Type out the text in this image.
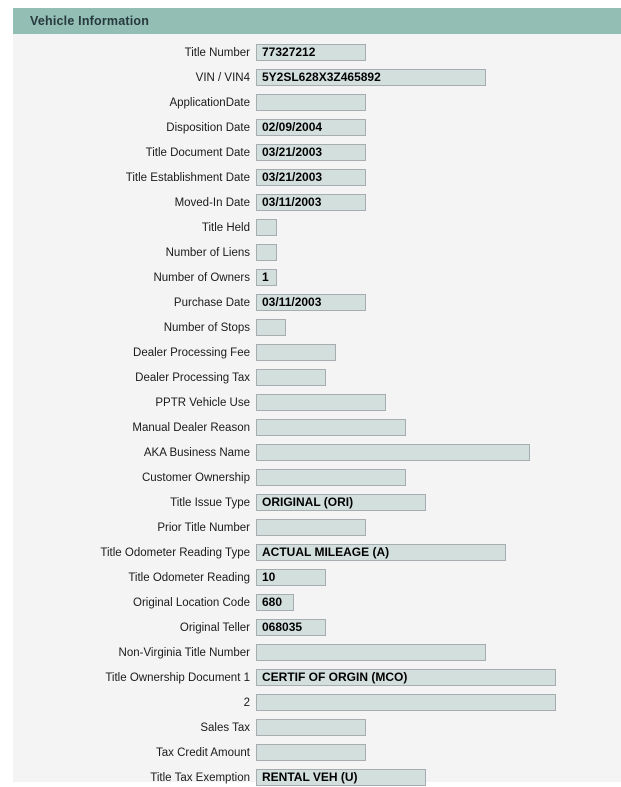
Vehicle Information
Title Number	77327212
VIN / VIN4	5Y2SL628X3Z465892
ApplicationDate
Disposition Date	02/09/2004
Title Document Date	03/21/2003
Title Establishment Date	03/21/2003
Moved-In Date	03/11/2003
Title Held
Number of Liens
Number of Owners	1
Purchase Date	03/11/2003
Number of Stops
Dealer Processing Fee
Dealer Processing Tax
PPTR Vehicle Use
Manual Dealer Reason
AKA Business Name
Customer Ownership
Title Issue Type	ORIGINAL (ORI)
Prior Title Number
Title Odometer Reading Type	ACTUAL MILEAGE (A)
Title Odometer Reading	10
Original Location Code	680
Original Teller	068035
Non-Virginia Title Number
Title Ownership Document 1	CERTIF OF ORGIN (MCO)
2
Sales Tax
Tax Credit Amount
Title Tax Exemption	RENTAL VEH (U)
